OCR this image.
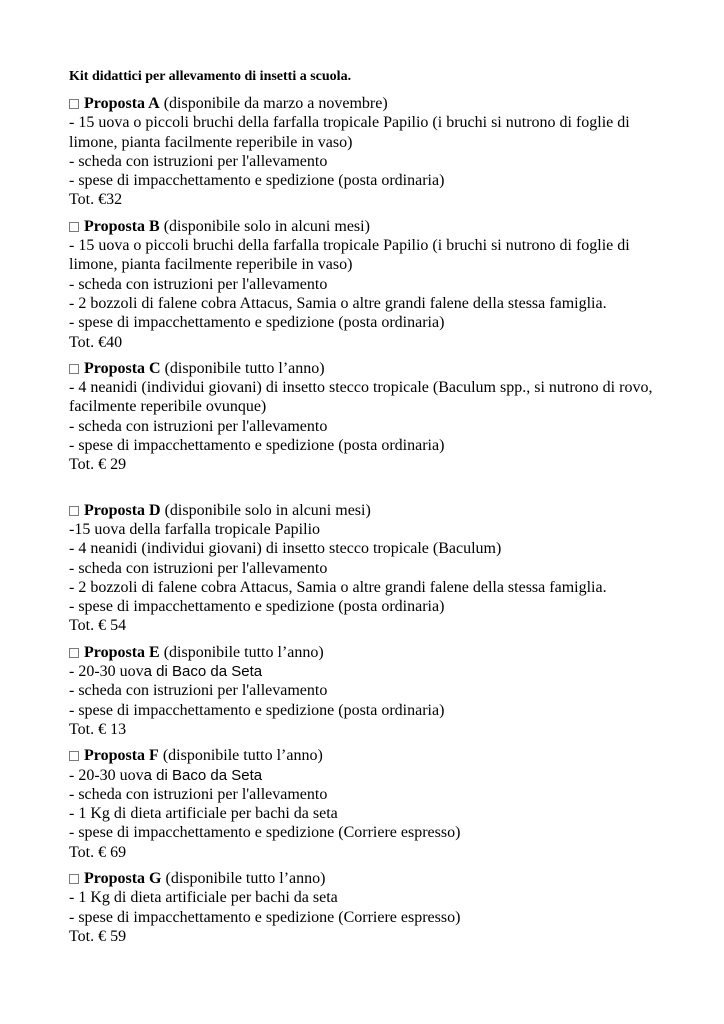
Kit didattici per allevamento di insetti a scuola.
Proposta A (disponibile da marzo a novembre)
- 15 uova o piccoli bruchi della farfalla tropicale Papilio (i bruchi si nutrono di foglie di limone, pianta facilmente reperibile in vaso)
- scheda con istruzioni per l'allevamento
- spese di impacchettamento e spedizione (posta ordinaria)
Tot. €32
Proposta B (disponibile solo in alcuni mesi)
- 15 uova o piccoli bruchi della farfalla tropicale Papilio (i bruchi si nutrono di foglie di limone, pianta facilmente reperibile in vaso)
- scheda con istruzioni per l'allevamento
- 2 bozzoli di falene cobra Attacus, Samia o altre grandi falene della stessa famiglia.
- spese di impacchettamento e spedizione (posta ordinaria)
Tot. €40
Proposta C (disponibile tutto l’anno)
- 4 neanidi (individui giovani) di insetto stecco tropicale (Baculum spp., si nutrono di rovo, facilmente reperibile ovunque)
- scheda con istruzioni per l'allevamento
- spese di impacchettamento e spedizione (posta ordinaria)
Tot. € 29
Proposta D (disponibile solo in alcuni mesi)
-15 uova della farfalla tropicale Papilio
- 4 neanidi (individui giovani) di insetto stecco tropicale (Baculum)
- scheda con istruzioni per l'allevamento
- 2 bozzoli di falene cobra Attacus, Samia o altre grandi falene della stessa famiglia.
- spese di impacchettamento e spedizione (posta ordinaria)
Tot. € 54
Proposta E (disponibile tutto l’anno)
- 20-30 uova di Baco da Seta
- scheda con istruzioni per l'allevamento
- spese di impacchettamento e spedizione (posta ordinaria)
Tot. € 13
Proposta F (disponibile tutto l’anno)
- 20-30 uova di Baco da Seta
- scheda con istruzioni per l'allevamento
- 1 Kg di dieta artificiale per bachi da seta
- spese di impacchettamento e spedizione (Corriere espresso)
Tot. € 69
Proposta G (disponibile tutto l’anno)
- 1 Kg di dieta artificiale per bachi da seta
- spese di impacchettamento e spedizione (Corriere espresso)
Tot. € 59
